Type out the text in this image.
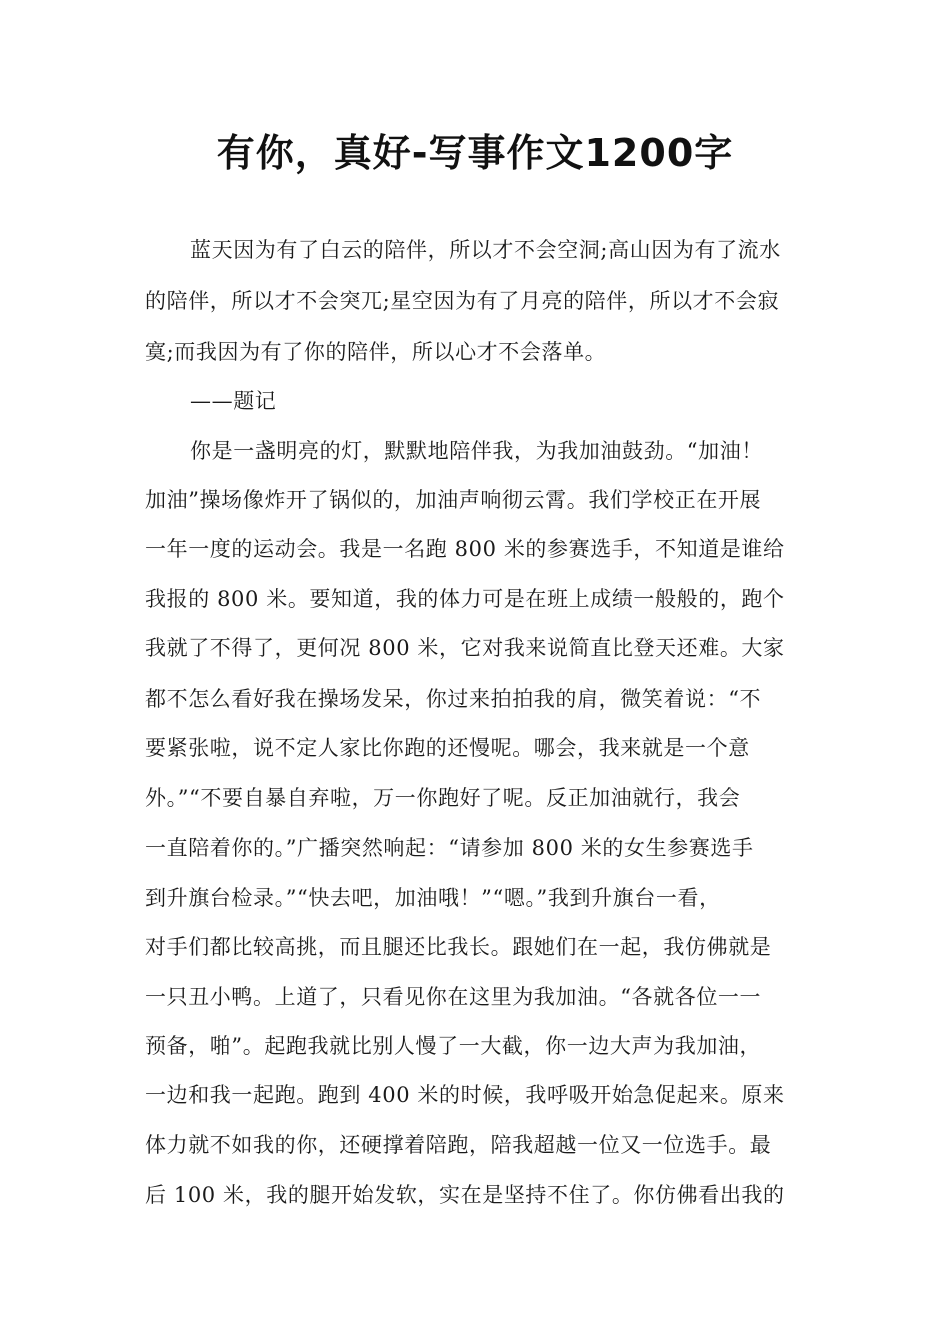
有你，真好-写事作文1200字
蓝天因为有了白云的陪伴，所以才不会空洞;高山因为有了流水
的陪伴，所以才不会突兀;星空因为有了月亮的陪伴，所以才不会寂
寞;而我因为有了你的陪伴，所以心才不会落单。
——题记
你是一盏明亮的灯，默默地陪伴我，为我加油鼓劲。“加油！
加油”操场像炸开了锅似的，加油声响彻云霄。我们学校正在开展
一年一度的运动会。我是一名跑 800 米的参赛选手，不知道是谁给
我报的 800 米。要知道，我的体力可是在班上成绩一般般的，跑个
我就了不得了，更何况 800 米，它对我来说简直比登天还难。大家
都不怎么看好我在操场发呆，你过来拍拍我的肩，微笑着说：“不
要紧张啦，说不定人家比你跑的还慢呢。哪会，我来就是一个意
外。”“不要自暴自弃啦，万一你跑好了呢。反正加油就行，我会
一直陪着你的。”广播突然响起：“请参加 800 米的女生参赛选手
到升旗台检录。”“快去吧，加油哦！”“嗯。”我到升旗台一看，
对手们都比较高挑，而且腿还比我长。跟她们在一起，我仿佛就是
一只丑小鸭。上道了，只看见你在这里为我加油。“各就各位一一
预备，啪”。起跑我就比别人慢了一大截，你一边大声为我加油，
一边和我一起跑。跑到 400 米的时候，我呼吸开始急促起来。原来
体力就不如我的你，还硬撑着陪跑，陪我超越一位又一位选手。最
后 100 米，我的腿开始发软，实在是坚持不住了。你仿佛看出我的
